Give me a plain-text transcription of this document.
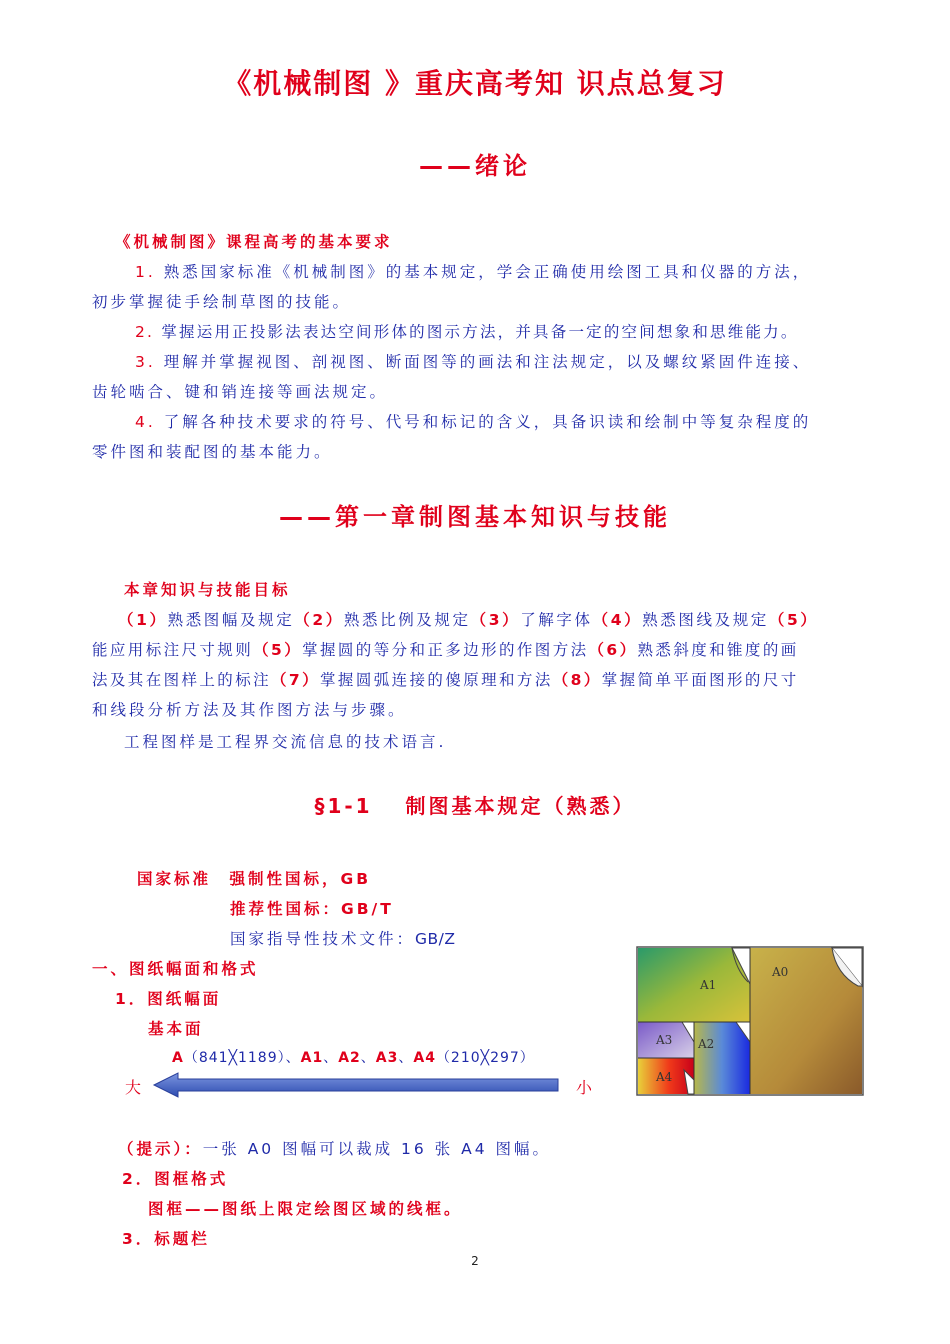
《机械制图 》重庆高考知 识点总复习
——绪论
《机械制图》课程高考的基本要求
1. 熟悉国家标准《机械制图》的基本规定，学会正确使用绘图工具和仪器的方法，
初步掌握徒手绘制草图的技能。
2. 掌握运用正投影法表达空间形体的图示方法，并具备一定的空间想象和思维能力。
3. 理解并掌握视图、剖视图、断面图等的画法和注法规定，以及螺纹紧固件连接、
齿轮啮合、键和销连接等画法规定。
4. 了解各种技术要求的符号、代号和标记的含义，具备识读和绘制中等复杂程度的
零件图和装配图的基本能力。
——第一章制图基本知识与技能
本章知识与技能目标
（1）熟悉图幅及规定（2）熟悉比例及规定（3）了解字体（4）熟悉图线及规定（5）
能应用标注尺寸规则（5）掌握圆的等分和正多边形的作图方法（6）熟悉斜度和锥度的画
法及其在图样上的标注（7）掌握圆弧连接的傻原理和方法（8）掌握简单平面图形的尺寸
和线段分析方法及其作图方法与步骤。
工程图样是工程界交流信息的技术语言.
§1-1　 制图基本规定（熟悉）
国家标准　 强制性国标，GB
推荐性国标：GB/T
国家指导性技术文件：GB/Z
一、图纸幅面和格式
1．图纸幅面
基本面
A（841╳1189）、A1、A2、A3、A4（210╳297）
大	小
A0
A1
A2
A3
A4
（提示）：一张 A0 图幅可以裁成 16 张 A4 图幅。
2．图框格式
图框——图纸上限定绘图区域的线框。
3．标题栏
2
